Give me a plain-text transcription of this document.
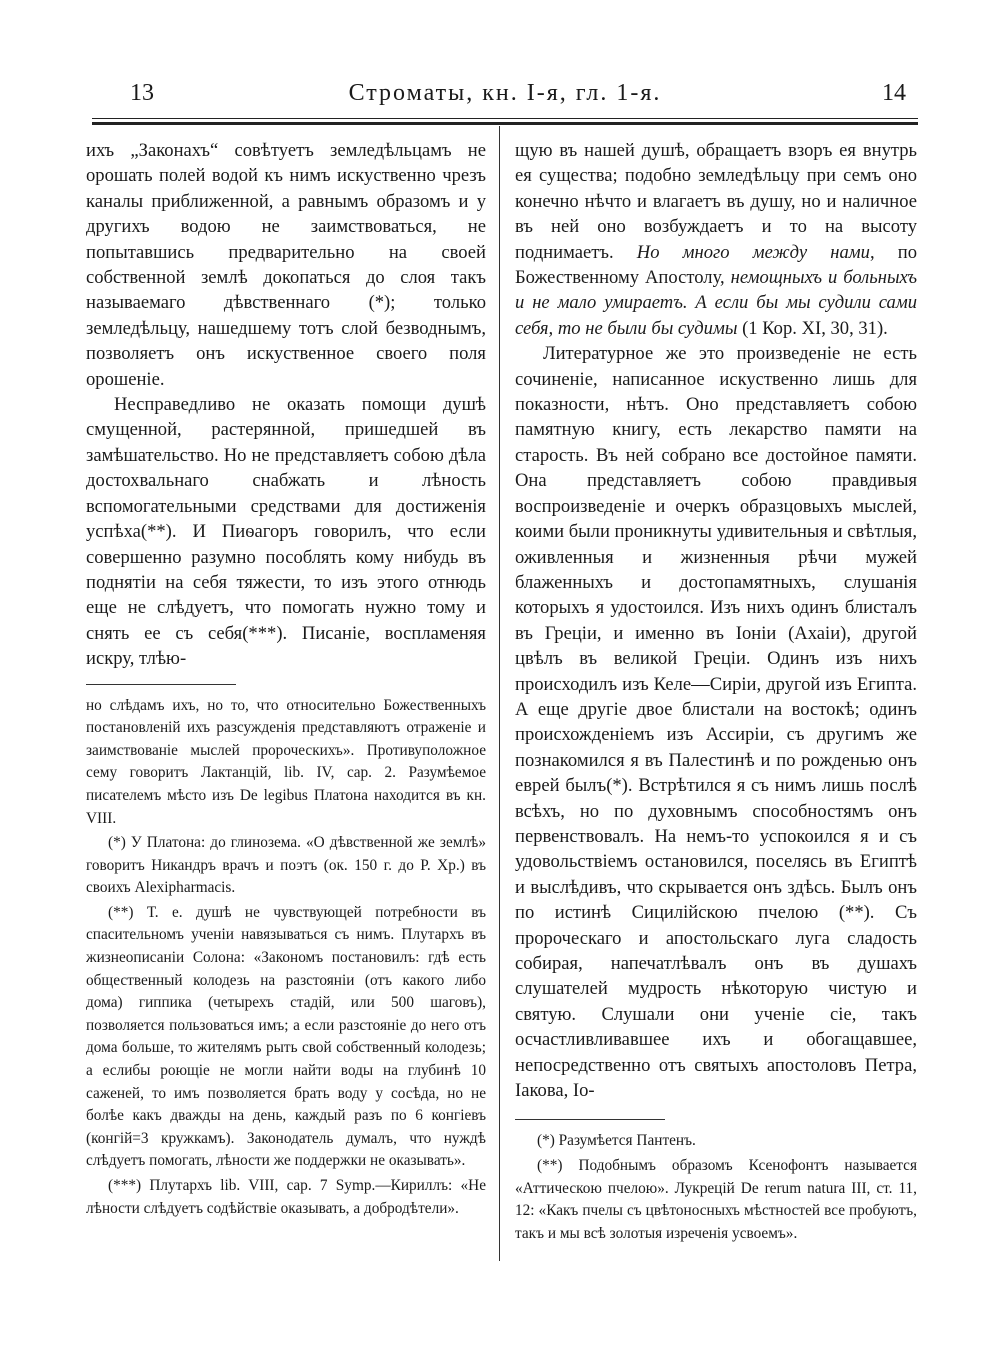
13	Строматы, кн. I-я, гл. 1-я.	14

ихъ „Законахъ“ совѣтуетъ земледѣльцамъ не орошать полей водой къ нимъ искуственно чрезъ каналы приближенной, а равнымъ образомъ и у другихъ водою не заимствоваться, не попытавшись предварительно на своей собственной землѣ докопаться до слоя такъ называемаго дѣвственнаго (*); только земледѣльцу, нашедшему тотъ слой безводнымъ, позволяетъ онъ искуственное своего поля орошеніе.

Несправедливо не оказать помощи душѣ смущенной, растерянной, пришедшей въ замѣшательство. Но не представляетъ собою дѣла достохвальнаго снабжать и лѣность вспомогательными средствами для достиженія успѣха(**). И Пиѳагоръ говорилъ, что если совершенно разумно пособлять кому нибудь въ поднятіи на себя тяжести, то изъ этого отнюдь еще не слѣдуетъ, что помогать нужно тому и снять ее съ себя(***). Писаніе, воспламеняя искру, тлѣю-

но слѣдамъ ихъ, но то, что относительно Божественныхъ постановленій ихъ разсужденія представляютъ отраженіе и заимствованіе мыслей пророческихъ». Противуположное сему говоритъ Лактанцій, lib. IV, cap. 2. Разумѣемое писателемъ мѣсто изъ De legibus Платона находится въ кн. VIII.

(*) У Платона: до глинозема. «О дѣвственной же землѣ» говоритъ Никандръ врачъ и поэтъ (ок. 150 г. до Р. Хр.) въ своихъ Alexipharmacis.

(**) Т. е. душѣ не чувствующей потребности въ спасительномъ ученіи навязываться съ нимъ. Плутархъ въ жизнеописаніи Солона: «Закономъ постановилъ: гдѣ есть общественный колодезь на разстояніи (отъ какого либо дома) гиппика (четырехъ стадій, или 500 шаговъ), позволяется пользоваться имъ; а если разстояніе до него отъ дома больше, то жителямъ рыть свой собственный колодезь; а еслибы роющіе не могли найти воды на глубинѣ 10 саженей, то имъ позволяется брать воду у сосѣда, но не болѣе какъ дважды на день, каждый разъ по 6 конгіевъ (конгій=3 кружкамъ). Законодатель думалъ, что нуждѣ слѣдуетъ помогать, лѣности же поддержки не оказывать».

(***) Плутархъ lib. VIII, cap. 7 Symp.—Кириллъ: «Не лѣности слѣдуетъ содѣйствіе оказывать, а добродѣтели».

щую въ нашей душѣ, обращаетъ взоръ ея внутрь ея существа; подобно земледѣльцу при семъ оно конечно нѣчто и влагаетъ въ душу, но и наличное въ ней оно возбуждаетъ и то на высоту поднимаетъ. Но много между нами, по Божественному Апостолу, немощныхъ и больныхъ и не мало умираетъ. А если бы мы судили сами себя, то не были бы судимы (1 Кор. XI, 30, 31).

Литературное же это произведеніе не есть сочиненіе, написанное искуственно лишь для показности, нѣтъ. Оно представляетъ собою памятную книгу, есть лекарство памяти на старость. Въ ней собрано все достойное памяти. Она представляетъ собою правдивыя воспроизведеніе и очеркъ образцовыхъ мыслей, коими были проникнуты удивительныя и свѣтлыя, оживленныя и жизненныя рѣчи мужей блаженныхъ и достопамятныхъ, слушанія которыхъ я удостоился. Изъ нихъ одинъ блисталъ въ Греціи, и именно въ Іоніи (Ахаіи), другой цвѣлъ въ великой Греціи. Одинъ изъ нихъ происходилъ изъ Келе—Сиріи, другой изъ Египта. А еще другіе двое блистали на востокѣ; одинъ происхожденіемъ изъ Ассиріи, съ другимъ же познакомился я въ Палестинѣ и по рожденью онъ еврей былъ(*). Встрѣтился я съ нимъ лишь послѣ всѣхъ, но по духовнымъ способностямъ онъ первенствовалъ. На немъ-то успокоился я и съ удовольствіемъ остановился, поселясь въ Египтѣ и выслѣдивъ, что скрывается онъ здѣсь. Былъ онъ по истинѣ Сицилійскою пчелою (**). Съ пророческаго и апостольскаго луга сладость собирая, напечатлѣвалъ онъ въ душахъ слушателей мудрость нѣкоторую чистую и святую. Слушали они ученіе сіе, такъ осчастливливавшее ихъ и обогащавшее, непосредственно отъ святыхъ апостоловъ Петра, Іакова, Іо-

(*) Разумѣется Пантенъ.

(**) Подобнымъ образомъ Ксенофонтъ называется «Аттическою пчелою». Лукрецій De rerum natura III, ст. 11, 12: «Какъ пчелы съ цвѣтоносныхъ мѣстностей все пробуютъ, такъ и мы всѣ золотыя изреченія усвоемъ».
